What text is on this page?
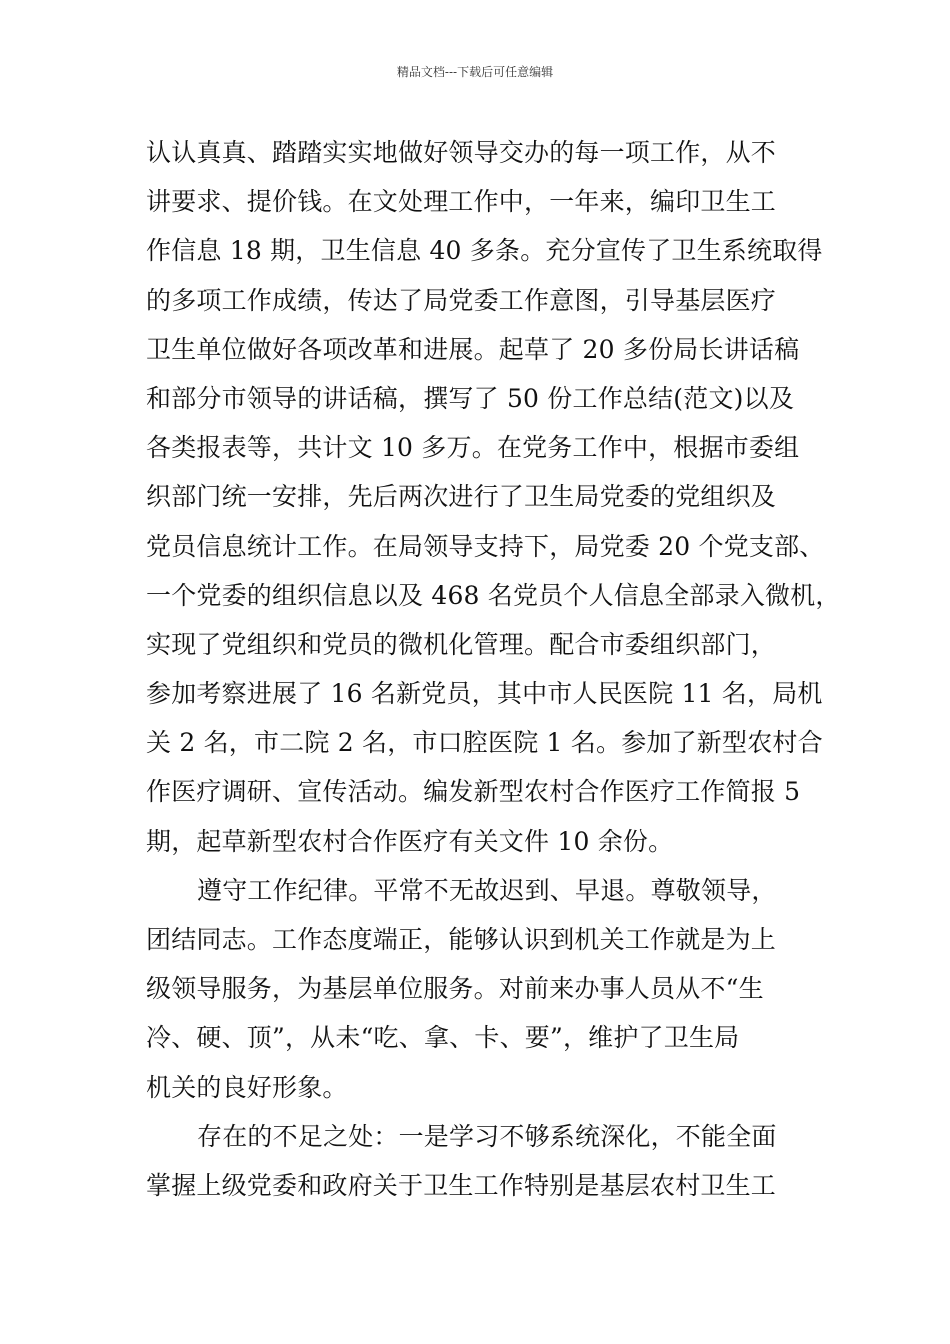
精品文档---下载后可任意编辑
认认真真、踏踏实实地做好领导交办的每一项工作，从不
讲要求、提价钱。在文处理工作中，一年来，编印卫生工
作信息 18 期，卫生信息 40 多条。充分宣传了卫生系统取得
的多项工作成绩，传达了局党委工作意图，引导基层医疗
卫生单位做好各项改革和进展。起草了 20 多份局长讲话稿
和部分市领导的讲话稿，撰写了 50 份工作总结(范文)以及
各类报表等，共计文 10 多万。在党务工作中，根据市委组
织部门统一安排，先后两次进行了卫生局党委的党组织及
党员信息统计工作。在局领导支持下，局党委 20 个党支部、
一个党委的组织信息以及 468 名党员个人信息全部录入微机，
实现了党组织和党员的微机化管理。配合市委组织部门，
参加考察进展了 16 名新党员，其中市人民医院 11 名，局机
关 2 名，市二院 2 名，市口腔医院 1 名。参加了新型农村合
作医疗调研、宣传活动。编发新型农村合作医疗工作简报 5
期，起草新型农村合作医疗有关文件 10 余份。
遵守工作纪律。平常不无故迟到、早退。尊敬领导，
团结同志。工作态度端正，能够认识到机关工作就是为上
级领导服务，为基层单位服务。对前来办事人员从不“生
冷、硬、顶”，从未“吃、拿、卡、要”，维护了卫生局
机关的良好形象。
存在的不足之处：一是学习不够系统深化，不能全面
掌握上级党委和政府关于卫生工作特别是基层农村卫生工
